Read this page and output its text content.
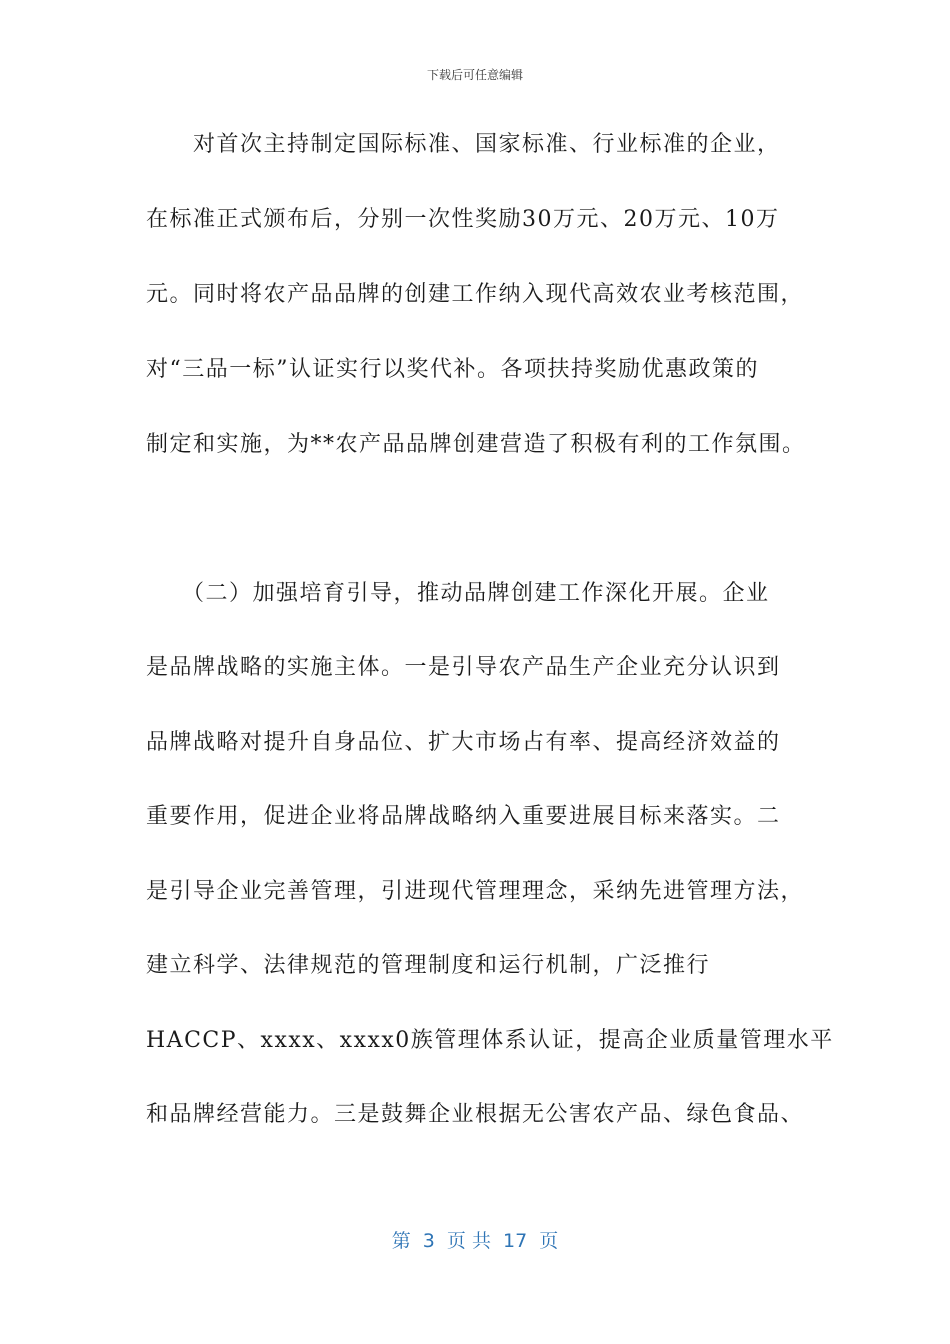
下载后可任意编辑
　　对首次主持制定国际标准、国家标准、行业标准的企业，
在标准正式颁布后，分别一次性奖励30万元、20万元、10万
元。同时将农产品品牌的创建工作纳入现代高效农业考核范围，
对“三品一标”认证实行以奖代补。各项扶持奖励优惠政策的
制定和实施，为**农产品品牌创建营造了积极有利的工作氛围。
　　（二）加强培育引导，推动品牌创建工作深化开展。企业
是品牌战略的实施主体。一是引导农产品生产企业充分认识到
品牌战略对提升自身品位、扩大市场占有率、提高经济效益的
重要作用，促进企业将品牌战略纳入重要进展目标来落实。二
是引导企业完善管理，引进现代管理理念，采纳先进管理方法，
建立科学、法律规范的管理制度和运行机制，广泛推行
HACCP、xxxx、xxxx0族管理体系认证，提高企业质量管理水平
和品牌经营能力。三是鼓舞企业根据无公害农产品、绿色食品、
第  3  页 共  17  页
